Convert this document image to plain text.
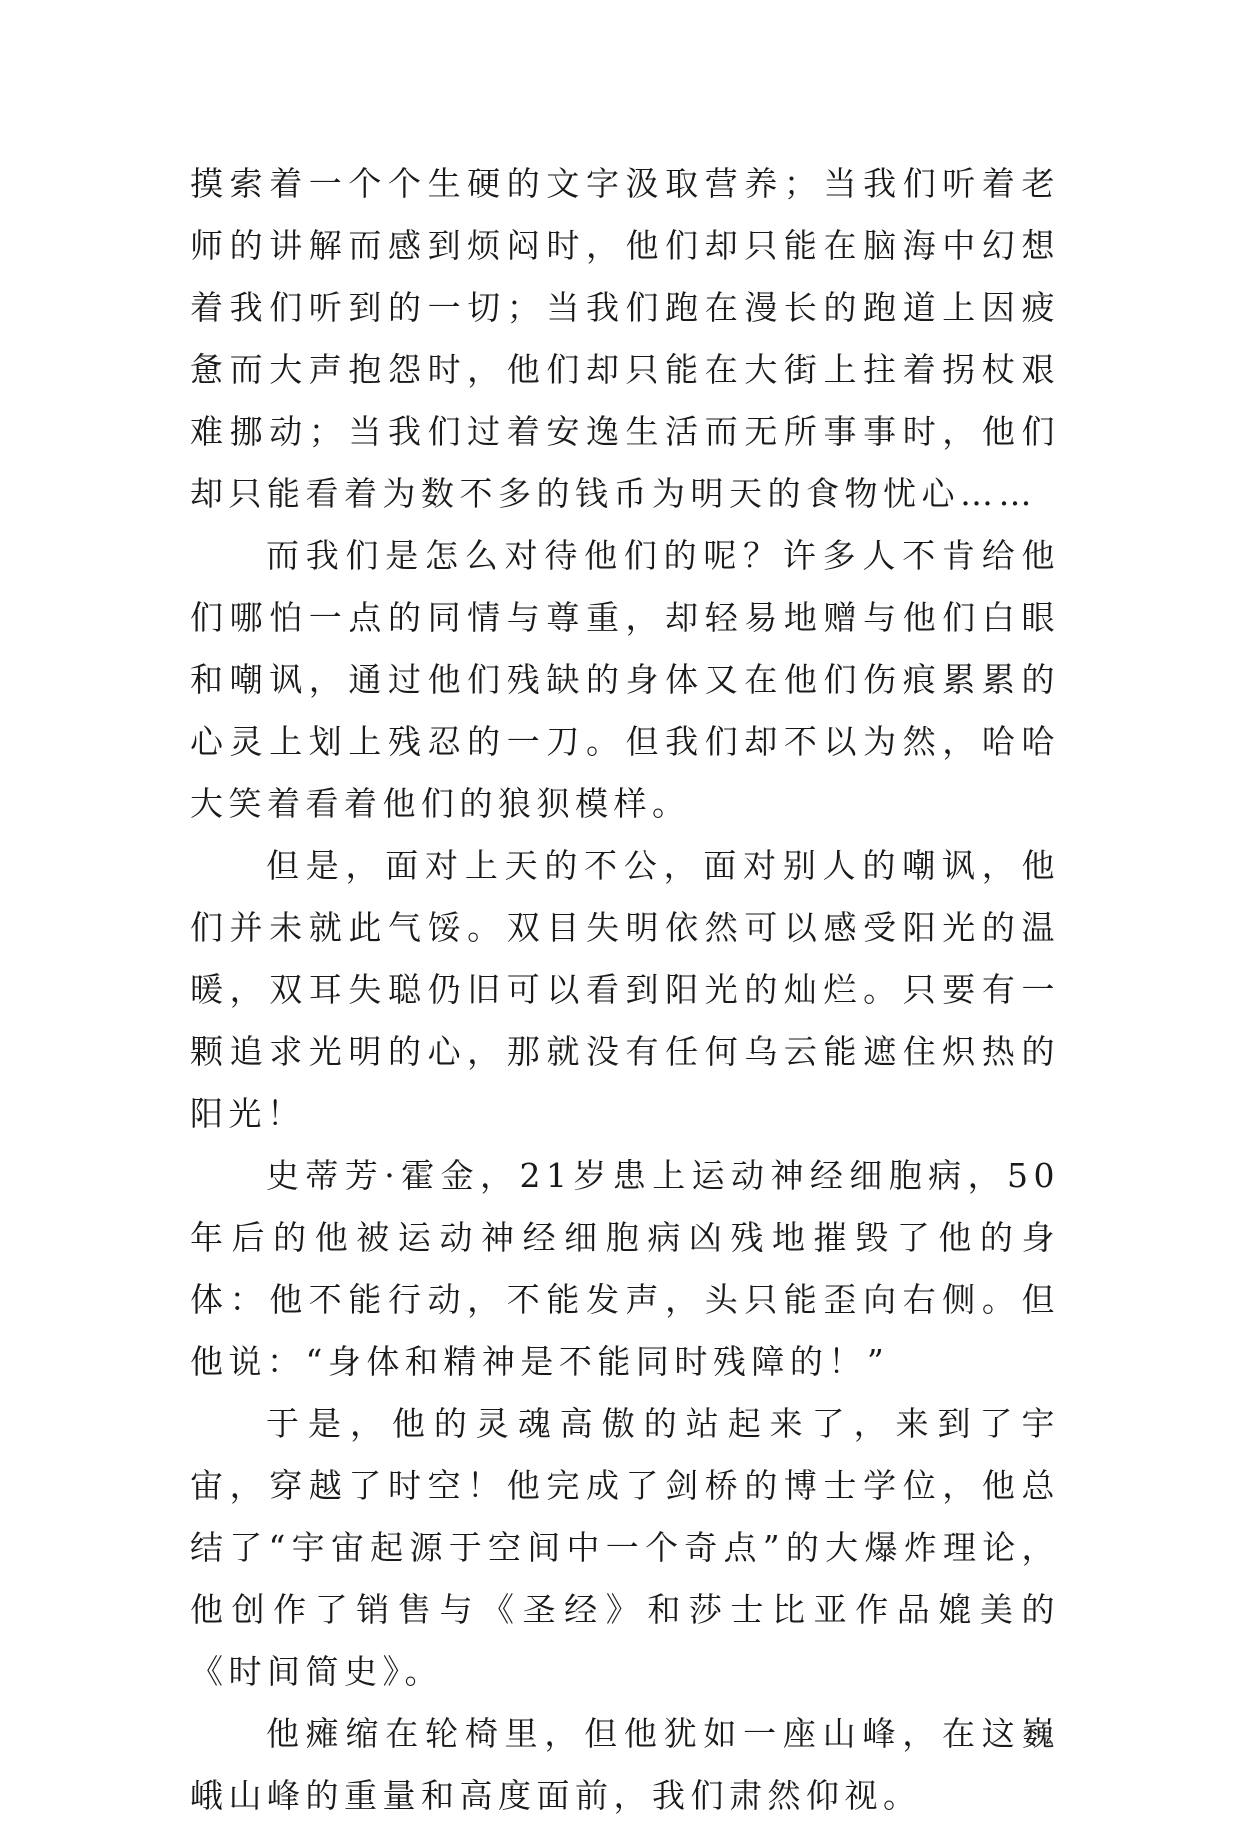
摸索着一个个生硬的文字汲取营养；当我们听着老师的讲解而感到烦闷时，他们却只能在脑海中幻想着我们听到的一切；当我们跑在漫长的跑道上因疲惫而大声抱怨时，他们却只能在大街上拄着拐杖艰难挪动；当我们过着安逸生活而无所事事时，他们却只能看着为数不多的钱币为明天的食物忧心……

而我们是怎么对待他们的呢？许多人不肯给他们哪怕一点的同情与尊重，却轻易地赠与他们白眼和嘲讽，通过他们残缺的身体又在他们伤痕累累的心灵上划上残忍的一刀。但我们却不以为然，哈哈大笑着看着他们的狼狈模样。

但是，面对上天的不公，面对别人的嘲讽，他们并未就此气馁。双目失明依然可以感受阳光的温暖，双耳失聪仍旧可以看到阳光的灿烂。只要有一颗追求光明的心，那就没有任何乌云能遮住炽热的阳光！

史蒂芳·霍金，21岁患上运动神经细胞病，50年后的他被运动神经细胞病凶残地摧毁了他的身体：他不能行动，不能发声，头只能歪向右侧。但他说：“身体和精神是不能同时残障的！”

于是，他的灵魂高傲的站起来了，来到了宇宙，穿越了时空！他完成了剑桥的博士学位，他总结了“宇宙起源于空间中一个奇点”的大爆炸理论，他创作了销售与《圣经》和莎士比亚作品媲美的《时间简史》。

他瘫缩在轮椅里，但他犹如一座山峰，在这巍峨山峰的重量和高度面前，我们肃然仰视。
